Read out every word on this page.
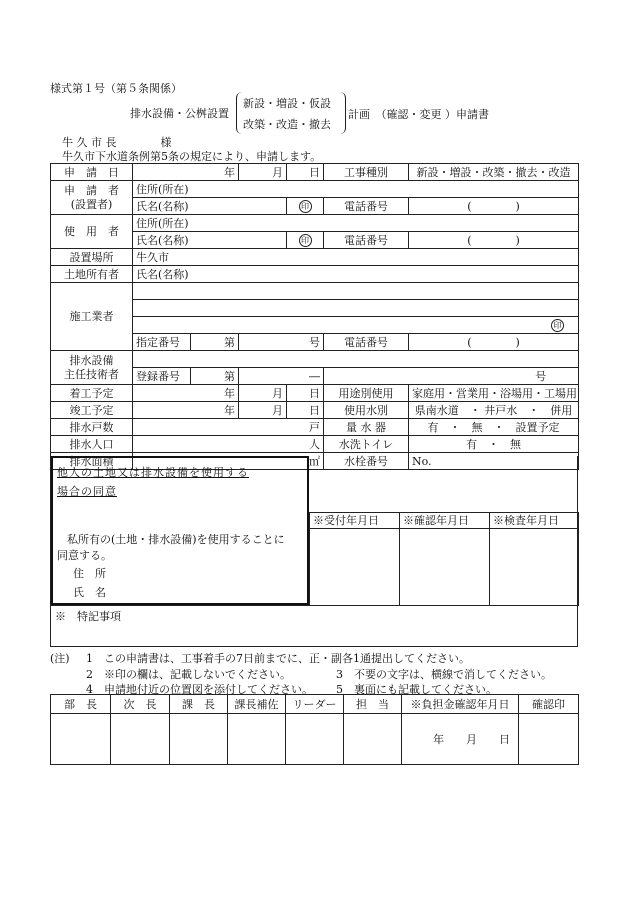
様式第１号（第５条関係）
排水設備・公桝設置
新設・増設・仮設
改築・改造・撤去
計画　（確認・変更 ）申請書
牛 久 市 長　　　　様
牛久市下水道条例第5条の規定により、申請します。
申　請　日	年		月	日	工事種別	新設・増設・改築・撤去・改造	

申　請　者
(設置者)	住所(所在)						
	氏名(名称)			印	電話番号	(　　　　)	
使　用　者	住所(所在)						
	氏名(名称)			印	電話番号	(　　　　)	
設置場所	牛久市						
土地所有者	氏名(名称)						
施工業者							

	印						
	指定番号	第	号		電話番号	(　　　　)	

排水設備
主任技術者							

	登録番号	第	―				号
着工予定	年		月	日	用途別使用	家庭用・営業用・浴場用・工場用	
竣工予定	年		月	日	使用水別	県南水道　・ 井戸水　・　併用	
排水戸数	戸				量 水 器	有　・　無　・　設置予定	
排水人口	人				水洗トイレ	有　・　無	
排水面積	㎡				水栓番号	No.	
他人の土地又は排水設備を使用する
場合の同意
私所有の(土地・排水設備)を使用することに
同意する。
住　所
氏　名
※受付年月日	※確認年月日	※検査年月日

※　特記事項
(注) 1　この申請書は、工事着手の7日前までに、正・副各1通提出してください。
2　※印の欄は、記載しないでください。	3　不要の文字は、横線で消してください。
4　申請地付近の位置図を添付してください。 5　裏面にも記載してください。
部　長	次　長	課　長	課長補佐	リーダー	担　当	※負担金確認年月日	確認印
						年　　月　　日	
